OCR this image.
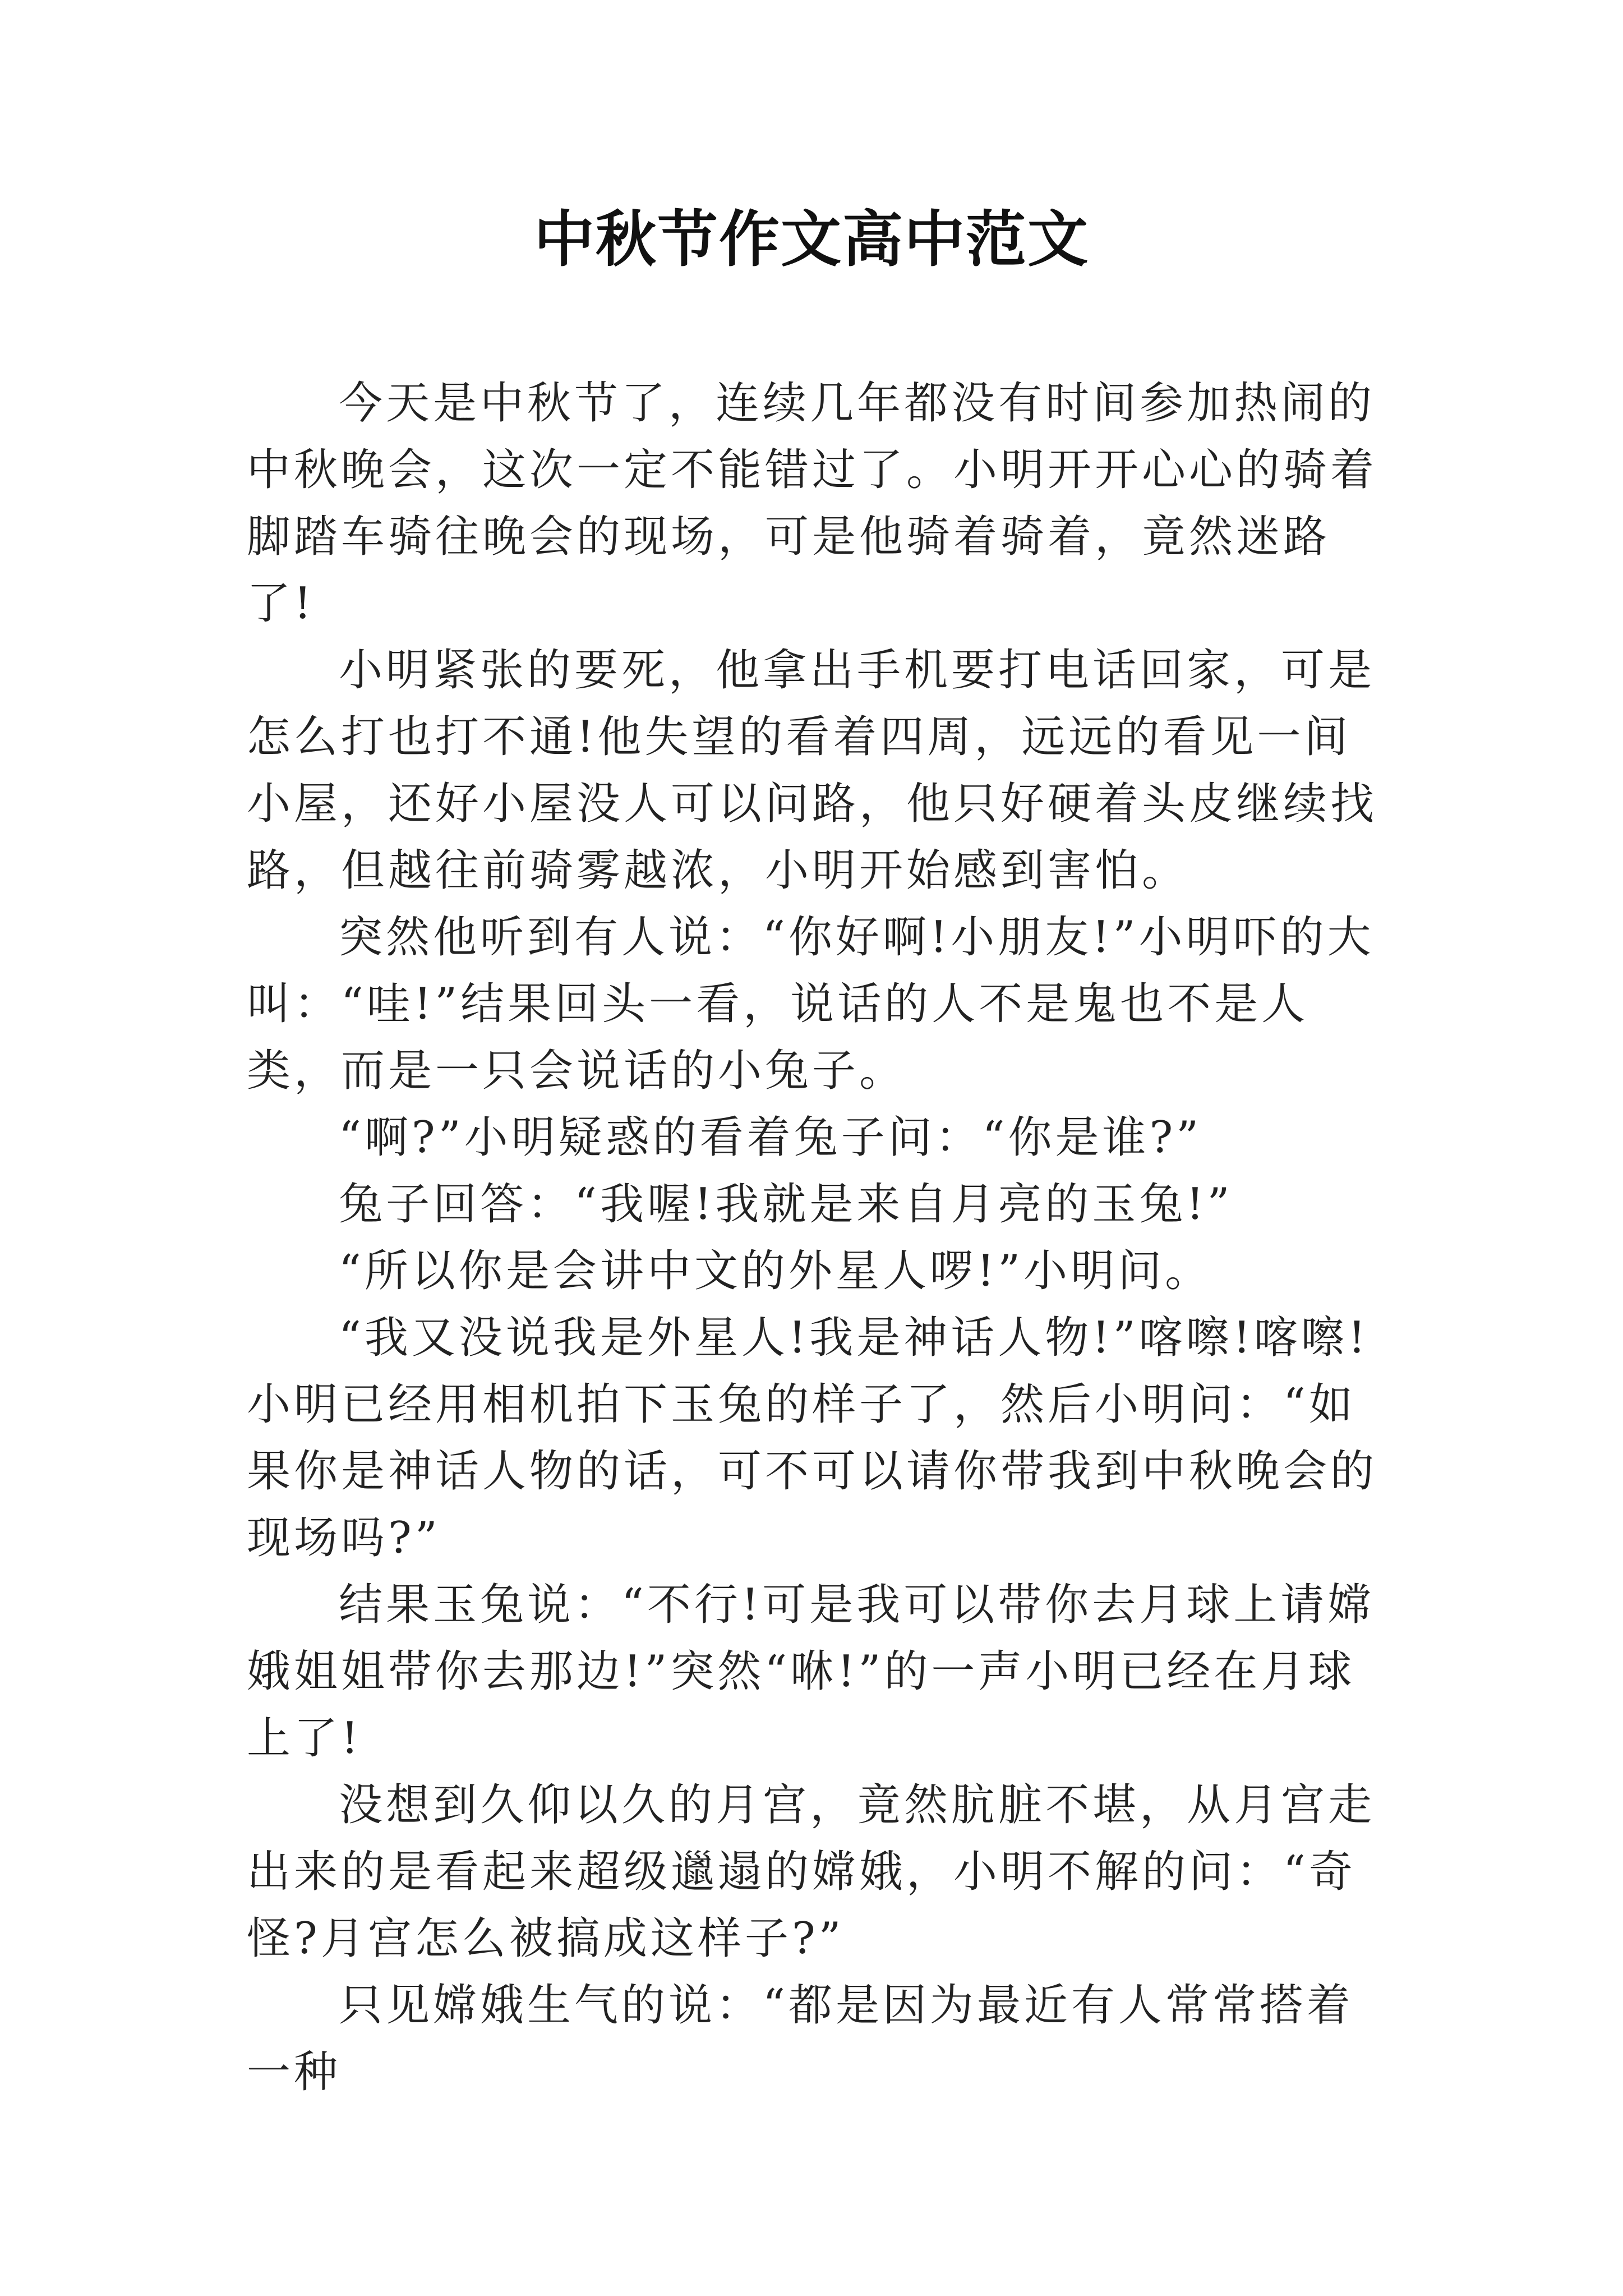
中秋节作文高中范文

今天是中秋节了，连续几年都没有时间参加热闹的中秋晚会，这次一定不能错过了。小明开开心心的骑着脚踏车骑往晚会的现场，可是他骑着骑着，竟然迷路了!

小明紧张的要死，他拿出手机要打电话回家，可是怎么打也打不通!他失望的看着四周，远远的看见一间小屋，还好小屋没人可以问路，他只好硬着头皮继续找路，但越往前骑雾越浓，小明开始感到害怕。

突然他听到有人说：“你好啊!小朋友!”小明吓的大叫：“哇!”结果回头一看，说话的人不是鬼也不是人类，而是一只会说话的小兔子。

“啊?”小明疑惑的看着兔子问：“你是谁?”

兔子回答：“我喔!我就是来自月亮的玉兔!”

“所以你是会讲中文的外星人啰!”小明问。

“我又没说我是外星人!我是神话人物!”喀嚓!喀嚓!小明已经用相机拍下玉兔的样子了，然后小明问：“如果你是神话人物的话，可不可以请你带我到中秋晚会的现场吗?”

结果玉兔说：“不行!可是我可以带你去月球上请嫦娥姐姐带你去那边!”突然“咻!”的一声小明已经在月球上了!

没想到久仰以久的月宫，竟然肮脏不堪，从月宫走出来的是看起来超级邋遢的嫦娥，小明不解的问：“奇怪?月宫怎么被搞成这样子?”

只见嫦娥生气的说：“都是因为最近有人常常搭着一种
